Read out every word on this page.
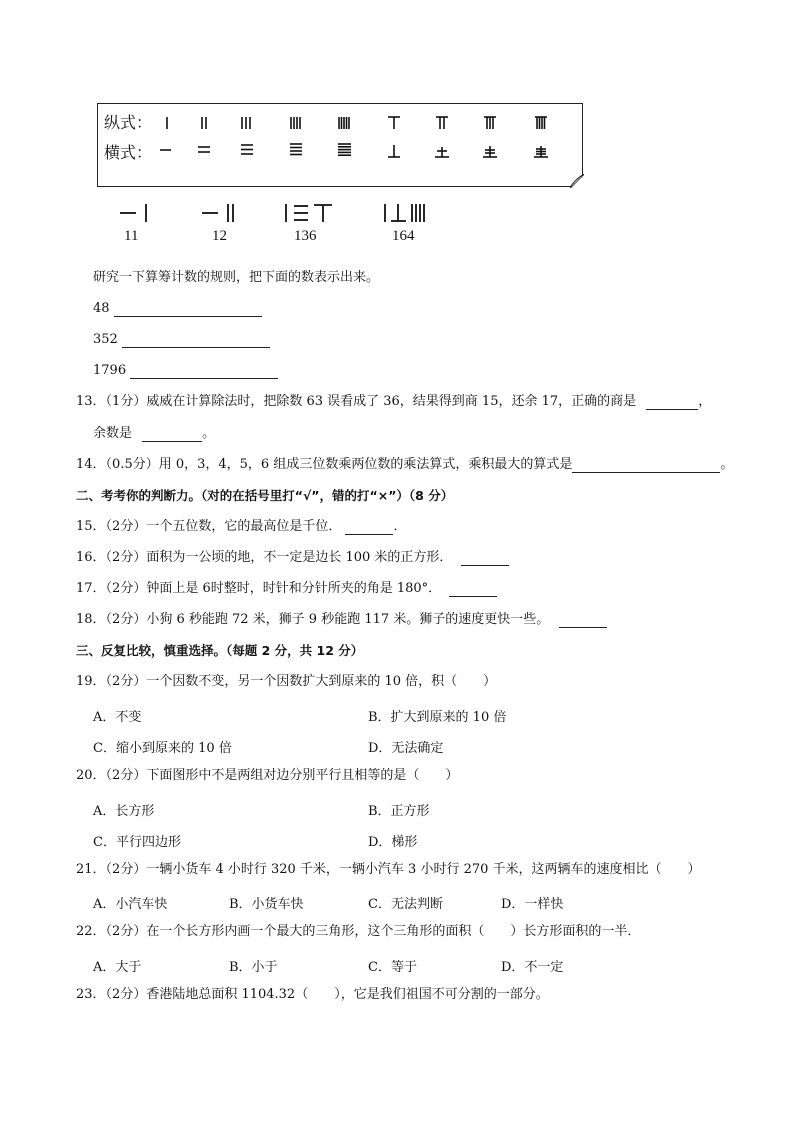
纵式：
横式：
11	12	136	164
研究一下算筹计数的规则，把下面的数表示出来。
48
352
1796
13．（1分）威威在计算除法时，把除数 63 误看成了 36，结果得到商 15，还余 17，正确的商是	，
余数是	。
14．（0.5分）用 0，3，4，5，6 组成三位数乘两位数的乘法算式，乘积最大的算式是	。
二、考考你的判断力。（对的在括号里打“√”，错的打“×”）（8 分）
15．（2分）一个五位数，它的最高位是千位．	．
16．（2分）面积为一公顷的地，不一定是边长 100 米的正方形．
17．（2分）钟面上是 6时整时，时针和分针所夹的角是 180°．
18．（2分）小狗 6 秒能跑 72 米，狮子 9 秒能跑 117 米。狮子的速度更快一些。
三、反复比较，慎重选择。（每题 2 分，共 12 分）
19．（2分）一个因数不变，另一个因数扩大到原来的 10 倍，积（　　）
A．不变	B．扩大到原来的 10 倍
C．缩小到原来的 10 倍	D．无法确定
20．（2分）下面图形中不是两组对边分别平行且相等的是（　　）
A．长方形	B．正方形
C．平行四边形	D．梯形
21．（2分）一辆小货车 4 小时行 320 千米，一辆小汽车 3 小时行 270 千米，这两辆车的速度相比（　　）
A．小汽车快	B．小货车快	C．无法判断	D．一样快
22．（2分）在一个长方形内画一个最大的三角形，这个三角形的面积（　　）长方形面积的一半．
A．大于	B．小于	C．等于	D．不一定
23．（2分）香港陆地总面积 1104.32（　　），它是我们祖国不可分割的一部分。
